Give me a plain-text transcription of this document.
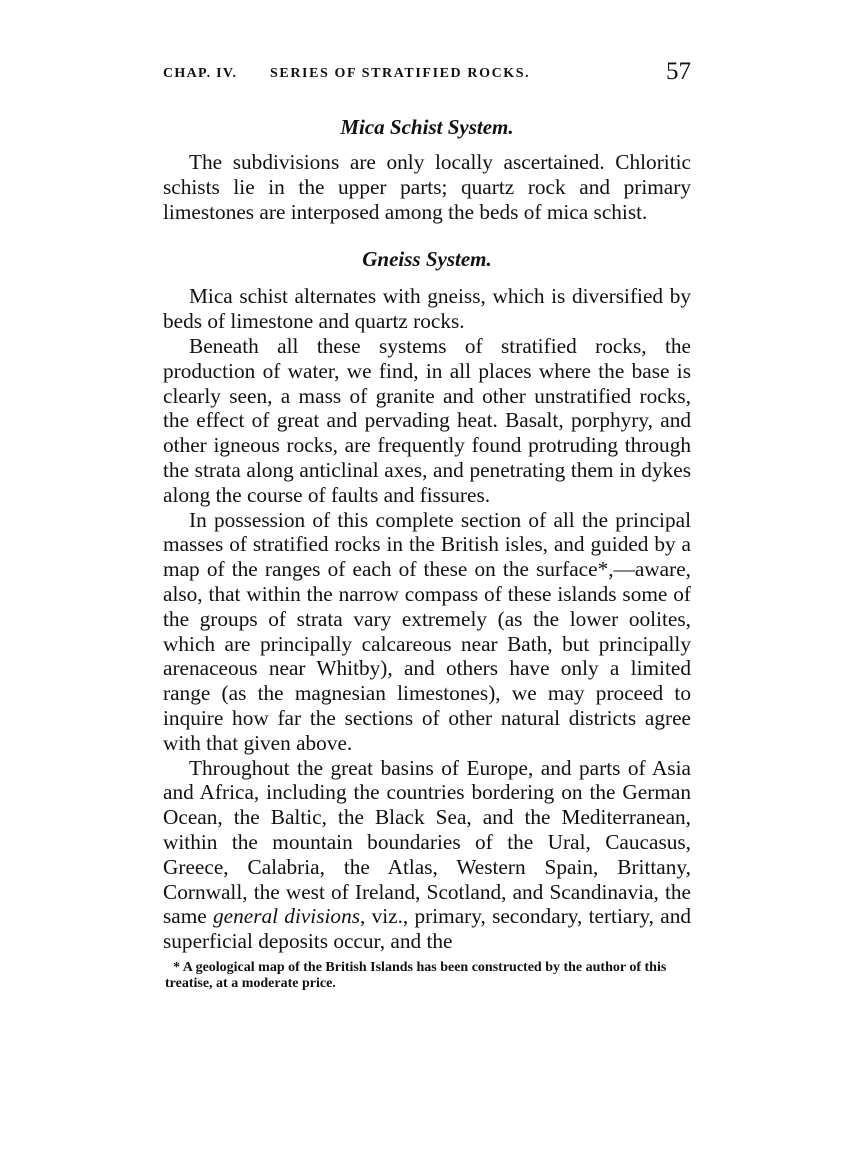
CHAP. IV. SERIES OF STRATIFIED ROCKS.	57
Mica Schist System.

The subdivisions are only locally ascertained. Chloritic schists lie in the upper parts; quartz rock and primary limestones are interposed among the beds of mica schist.

Gneiss System.

Mica schist alternates with gneiss, which is diversified by beds of limestone and quartz rocks.

Beneath all these systems of stratified rocks, the production of water, we find, in all places where the base is clearly seen, a mass of granite and other unstratified rocks, the effect of great and pervading heat. Basalt, porphyry, and other igneous rocks, are frequently found protruding through the strata along anticlinal axes, and penetrating them in dykes along the course of faults and fissures.

In possession of this complete section of all the principal masses of stratified rocks in the British isles, and guided by a map of the ranges of each of these on the surface*,—aware, also, that within the narrow compass of these islands some of the groups of strata vary extremely (as the lower oolites, which are principally calcareous near Bath, but principally arenaceous near Whitby), and others have only a limited range (as the magnesian limestones), we may proceed to inquire how far the sections of other natural districts agree with that given above.

Throughout the great basins of Europe, and parts of Asia and Africa, including the countries bordering on the German Ocean, the Baltic, the Black Sea, and the Mediterranean, within the mountain boundaries of the Ural, Caucasus, Greece, Calabria, the Atlas, Western Spain, Brittany, Cornwall, the west of Ireland, Scotland, and Scandinavia, the same general divisions, viz., primary, secondary, tertiary, and superficial deposits occur, and the

* A geological map of the British Islands has been constructed by the author of this treatise, at a moderate price.
